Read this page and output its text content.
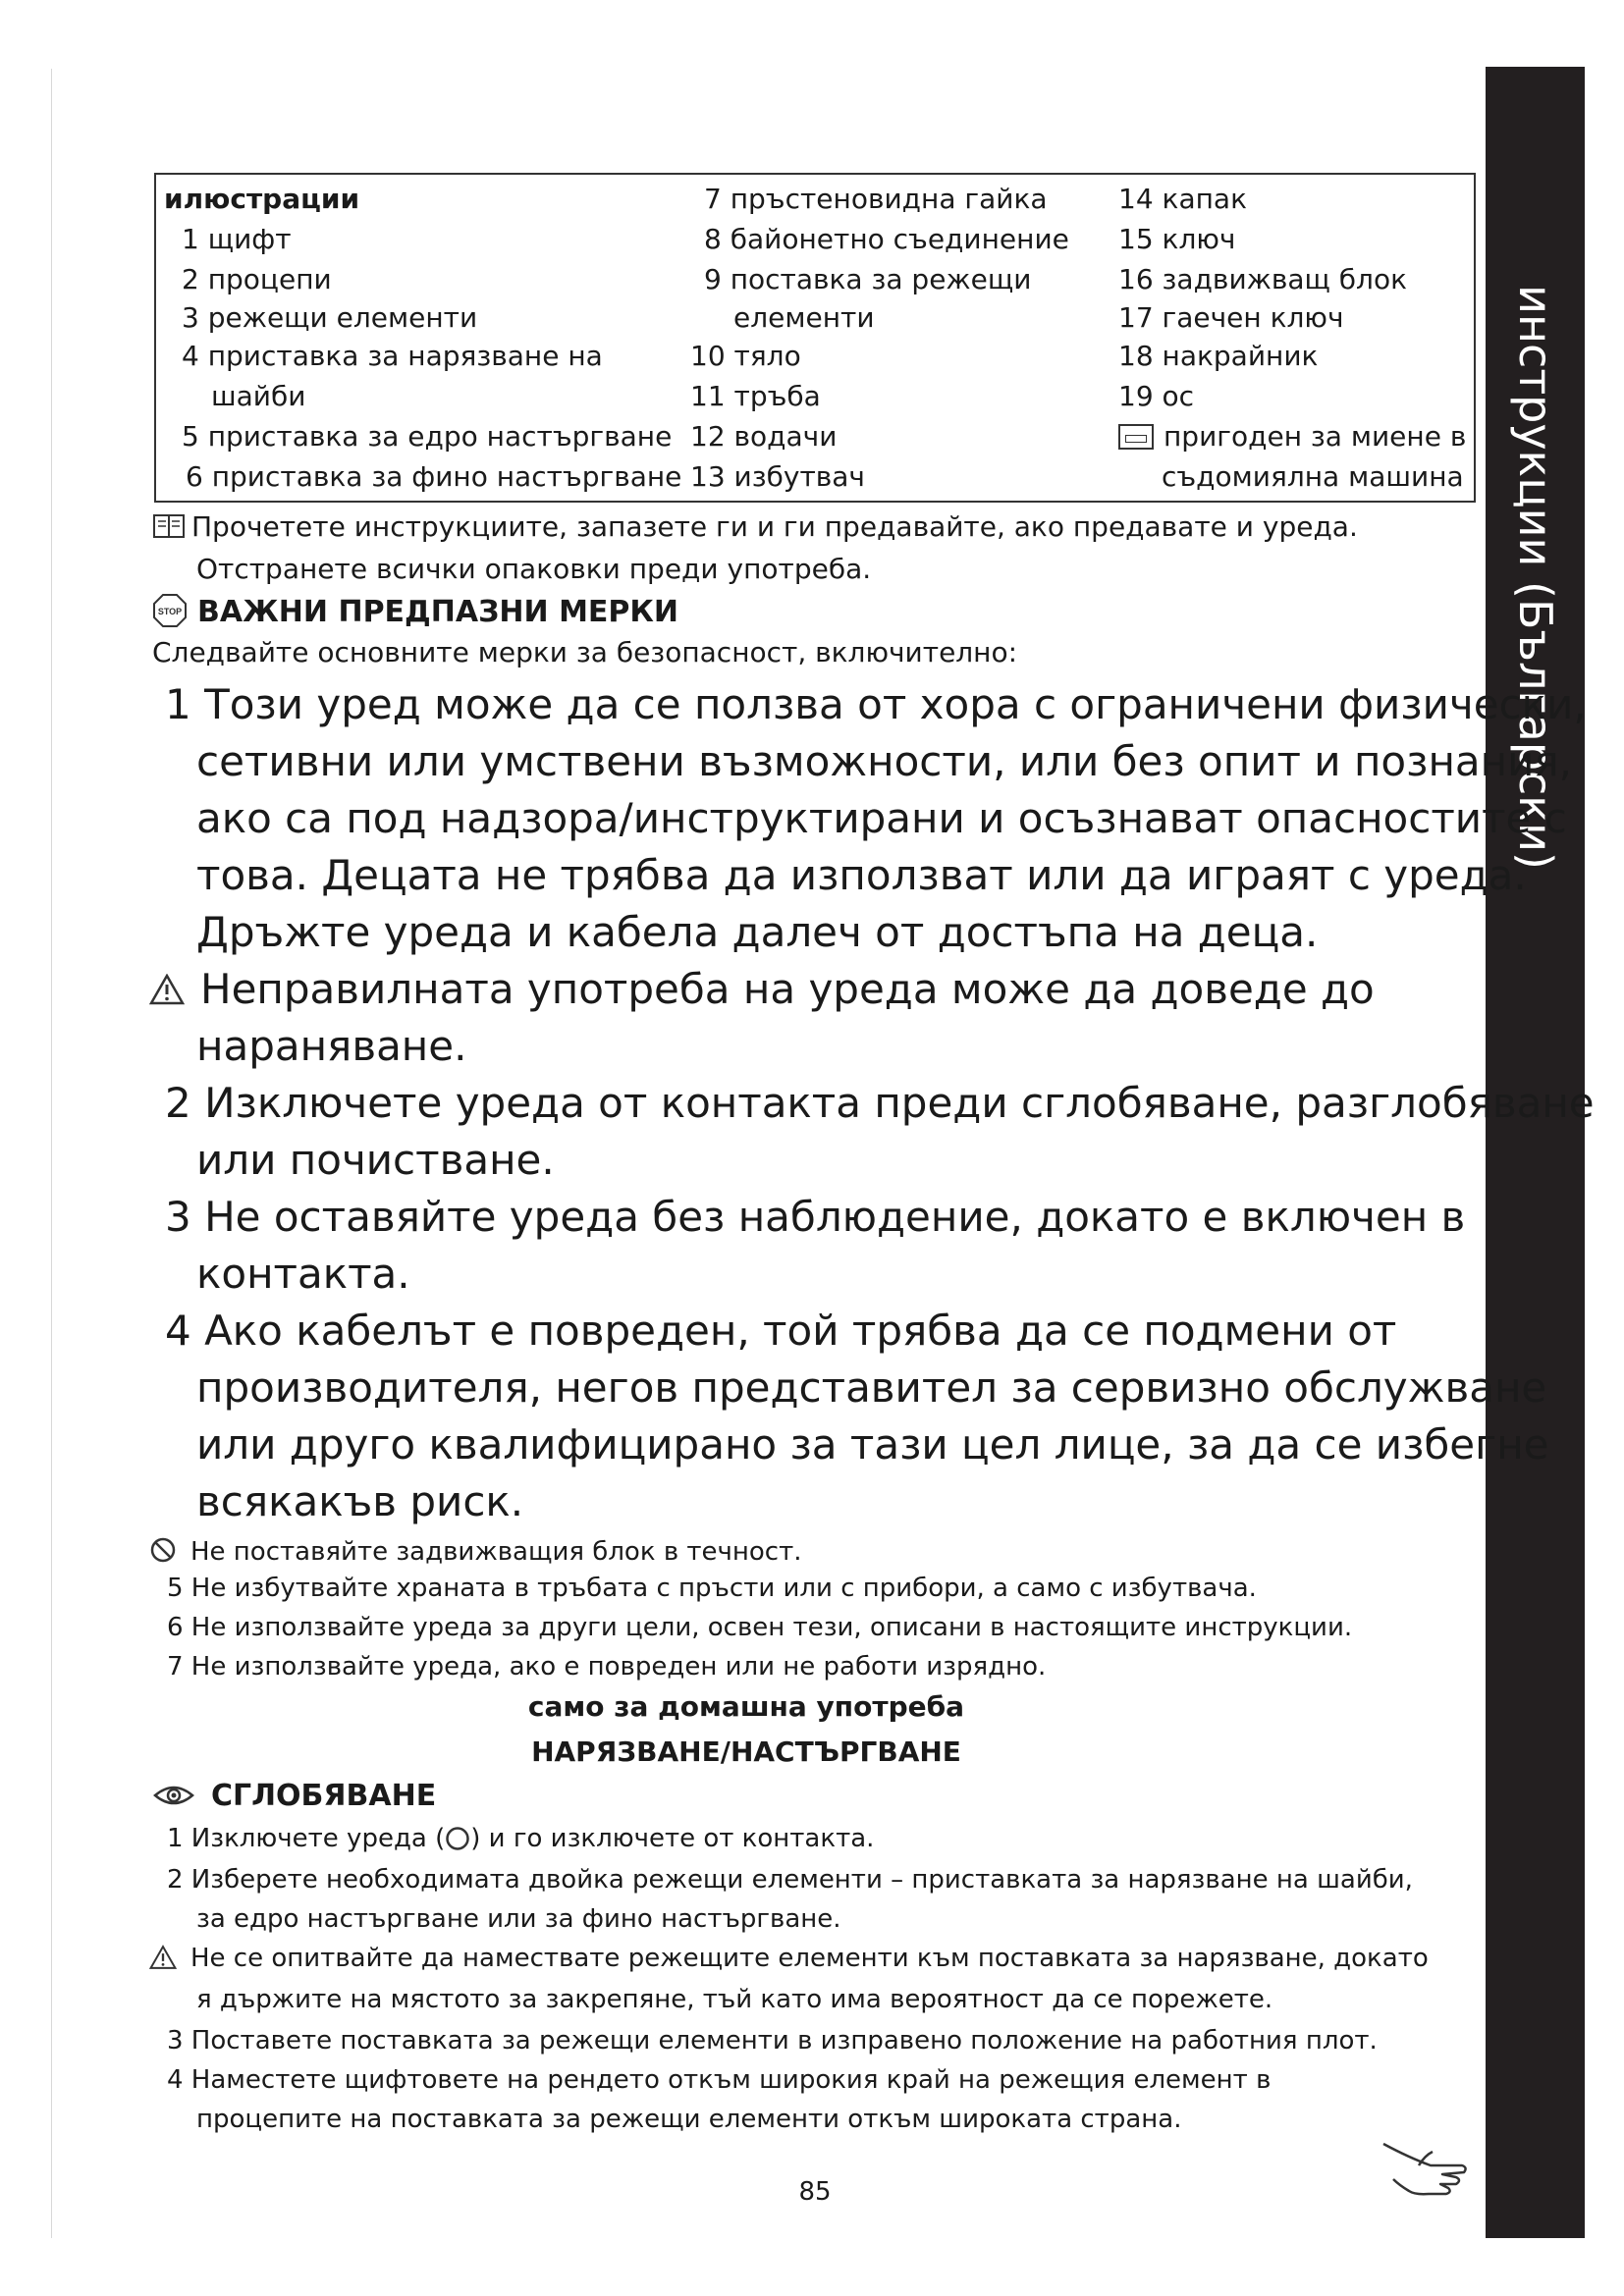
инструкции (Български)
илюстрации
1 щифт
2 процепи
3 режещи елементи
4 приставка за нарязване на
шайби
5 приставка за едро настъргване
6 приставка за фино настъргване
7 пръстеновидна гайка
8 байонетно съединение
9 поставка за режещи
елементи
10 тяло
11 тръба
12 водачи
13 избутвач
14 капак
15 ключ
16 задвижващ блок
17 гаечен ключ
18 накрайник
19 ос
пригоден за миене в
съдомиялна машина
Прочетете инструкциите, запазете ги и ги предавайте, ако предавате и уреда.
Отстранете всички опаковки преди употреба.
STOP ВАЖНИ ПРЕДПАЗНИ МЕРКИ
Следвайте основните мерки за безопасност, включително:
1 Този уред може да се ползва от хора с ограничени физически,
сетивни или умствени възможности, или без опит и познания,
ако са под надзора/инструктирани и осъзнават опасностите с
това. Децата не трябва да използват или да играят с уреда.
Дръжте уреда и кабела далеч от достъпа на деца.
Неправилната употреба на уреда може да доведе до
нараняване.
2 Изключете уреда от контакта преди сглобяване, разглобяване
или почистване.
3 Не оставяйте уреда без наблюдение, докато е включен в
контакта.
4 Ако кабелът е повреден, той трябва да се подмени от
производителя, негов представител за сервизно обслужване
или друго квалифицирано за тази цел лице, за да се избегне
всякакъв риск.
Не поставяйте задвижващия блок в течност.
5 Не избутвайте храната в тръбата с пръсти или с прибори, а само с избутвача.
6 Не използвайте уреда за други цели, освен тези, описани в настоящите инструкции.
7 Не използвайте уреда, ако е повреден или не работи изрядно.
само за домашна употреба
НАРЯЗВАНЕ/НАСТЪРГВАНЕ
СГЛОБЯВАНЕ
1 Изключете уреда ( ) и го изключете от контакта.
2 Изберете необходимата двойка режещи елементи – приставката за нарязване на шайби,
за едро настъргване или за фино настъргване.
Не се опитвайте да намествате режещите елементи към поставката за нарязване, докато
я държите на мястото за закрепяне, тъй като има вероятност да се порежете.
3 Поставете поставката за режещи елементи в изправено положение на работния плот.
4 Наместете щифтовете на рендето откъм широкия край на режещия елемент в
процепите на поставката за режещи елементи откъм широката страна.
85
